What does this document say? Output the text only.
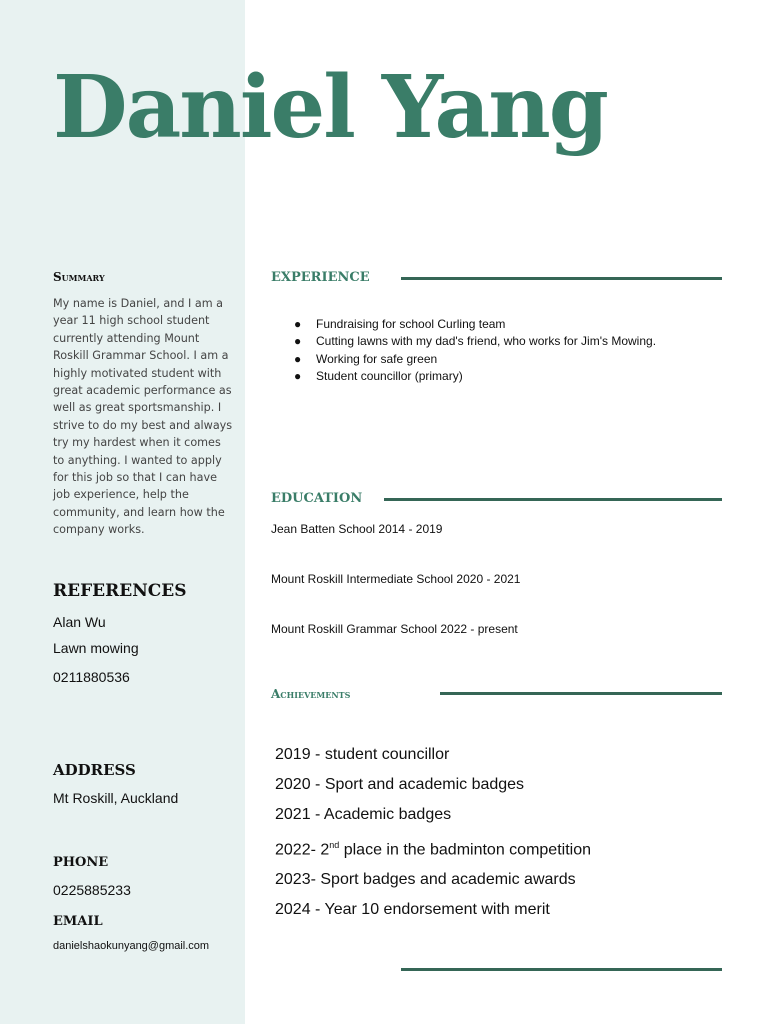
Daniel Yang
Summary

My name is Daniel, and I am a year 11 high school student currently attending Mount Roskill Grammar School. I am a highly motivated student with great academic performance as well as great sportsmanship. I strive to do my best and always try my hardest when it comes to anything. I wanted to apply for this job so that I can have job experience, help the community, and learn how the company works.

REFERENCES
Alan Wu
Lawn mowing
0211880536
ADDRESS
Mt Roskill, Auckland
PHONE
0225885233
EMAIL
danielshaokunyang@gmail.com
EXPERIENCE
● Fundraising for school Curling team
● Cutting lawns with my dad's friend, who works for Jim's Mowing.
● Working for safe green
● Student councillor (primary)
EDUCATION
Jean Batten School 2014 - 2019
Mount Roskill Intermediate School 2020 - 2021
Mount Roskill Grammar School 2022 - present
Achievements
2019 - student councillor
2020 - Sport and academic badges
2021 - Academic badges
2022- 2nd place in the badminton competition
2023- Sport badges and academic awards
2024 - Year 10 endorsement with merit
